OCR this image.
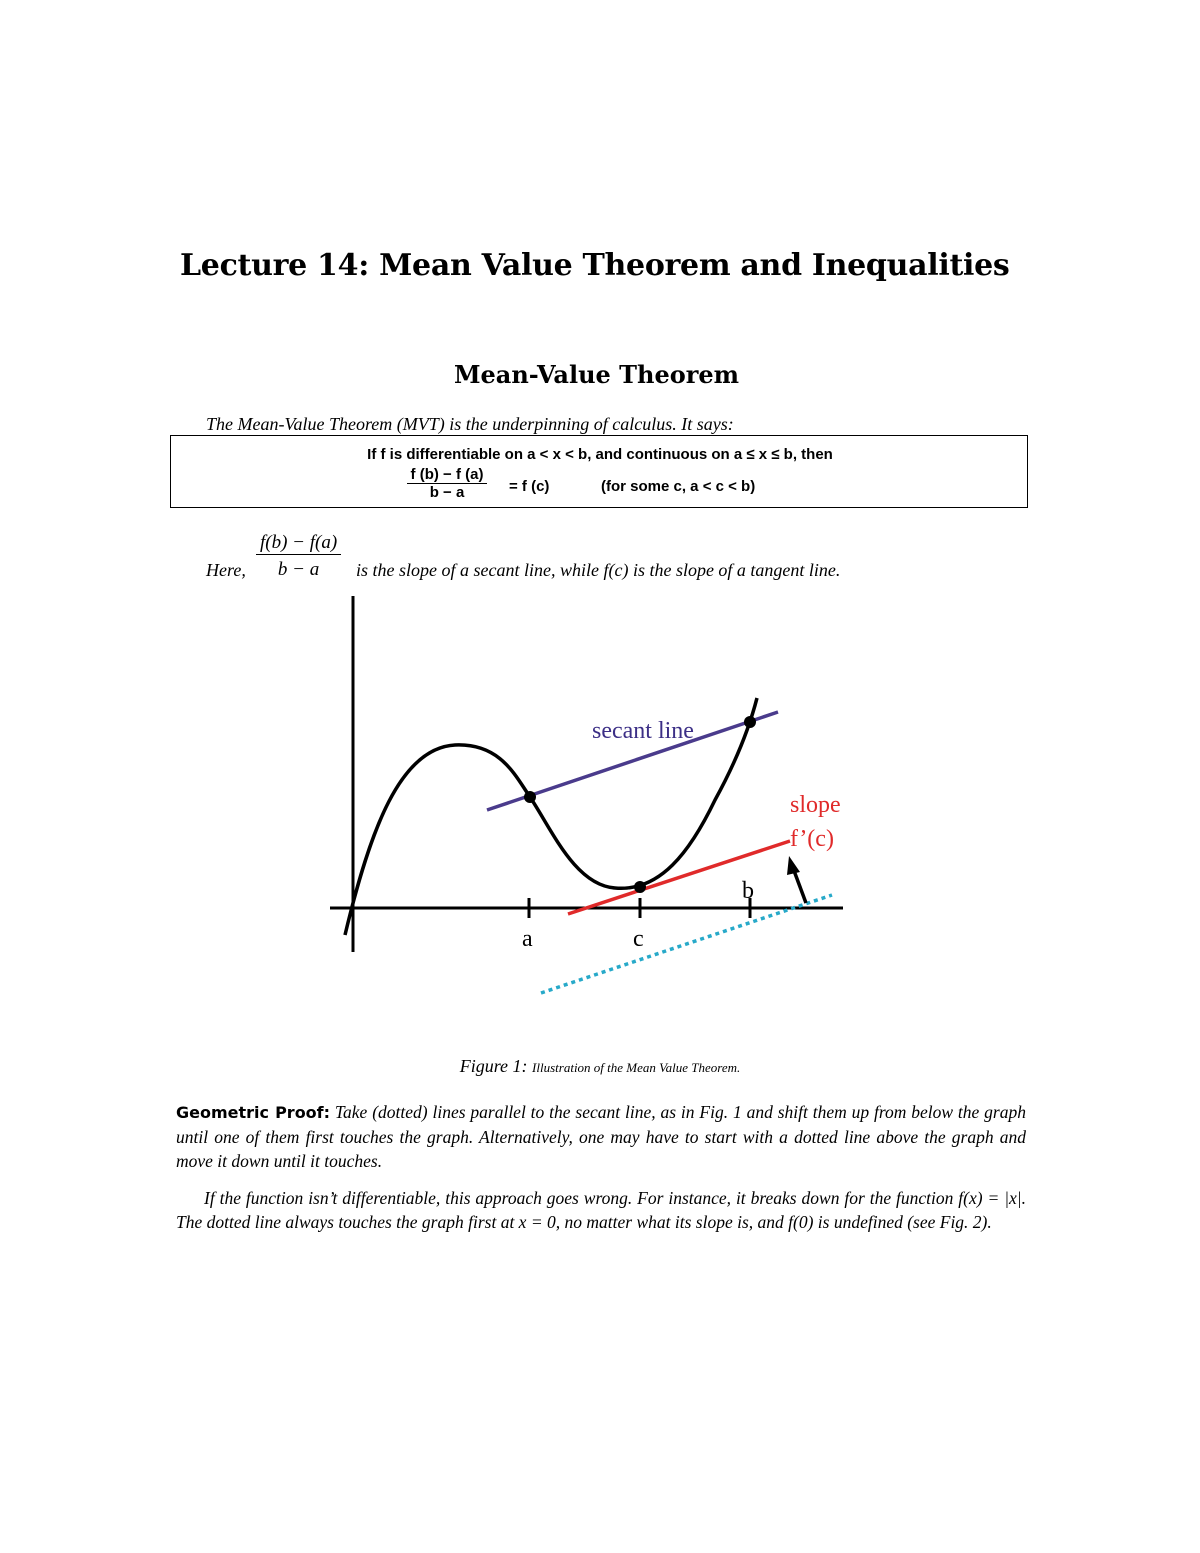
Lecture 14: Mean Value Theorem and Inequalities
Mean-Value Theorem
The Mean-Value Theorem (MVT) is the underpinning of calculus. It says:
If f is differentiable on a < x < b, and continuous on a ≤ x ≤ b, then
$\frac{f (b) - f (a)}{b - a} = f$ (c)	(for some c, a < c < b)
Here, $\frac{f(b) - f(a)}{b - a}$ is the slope of a secant line, while f(c) is the slope of a tangent line.
secant line
slope
f’(c)
a	c
b
Figure 1: Illustration of the Mean Value Theorem.
Geometric Proof: Take (dotted) lines parallel to the secant line, as in Fig. 1 and shift them up from below the graph until one of them first touches the graph. Alternatively, one may have to start with a dotted line above the graph and move it down until it touches.
If the function isn’t differentiable, this approach goes wrong. For instance, it breaks down for the function f(x) = |x|. The dotted line always touches the graph first at x = 0, no matter what its slope is, and f(0) is undefined (see Fig. 2).
